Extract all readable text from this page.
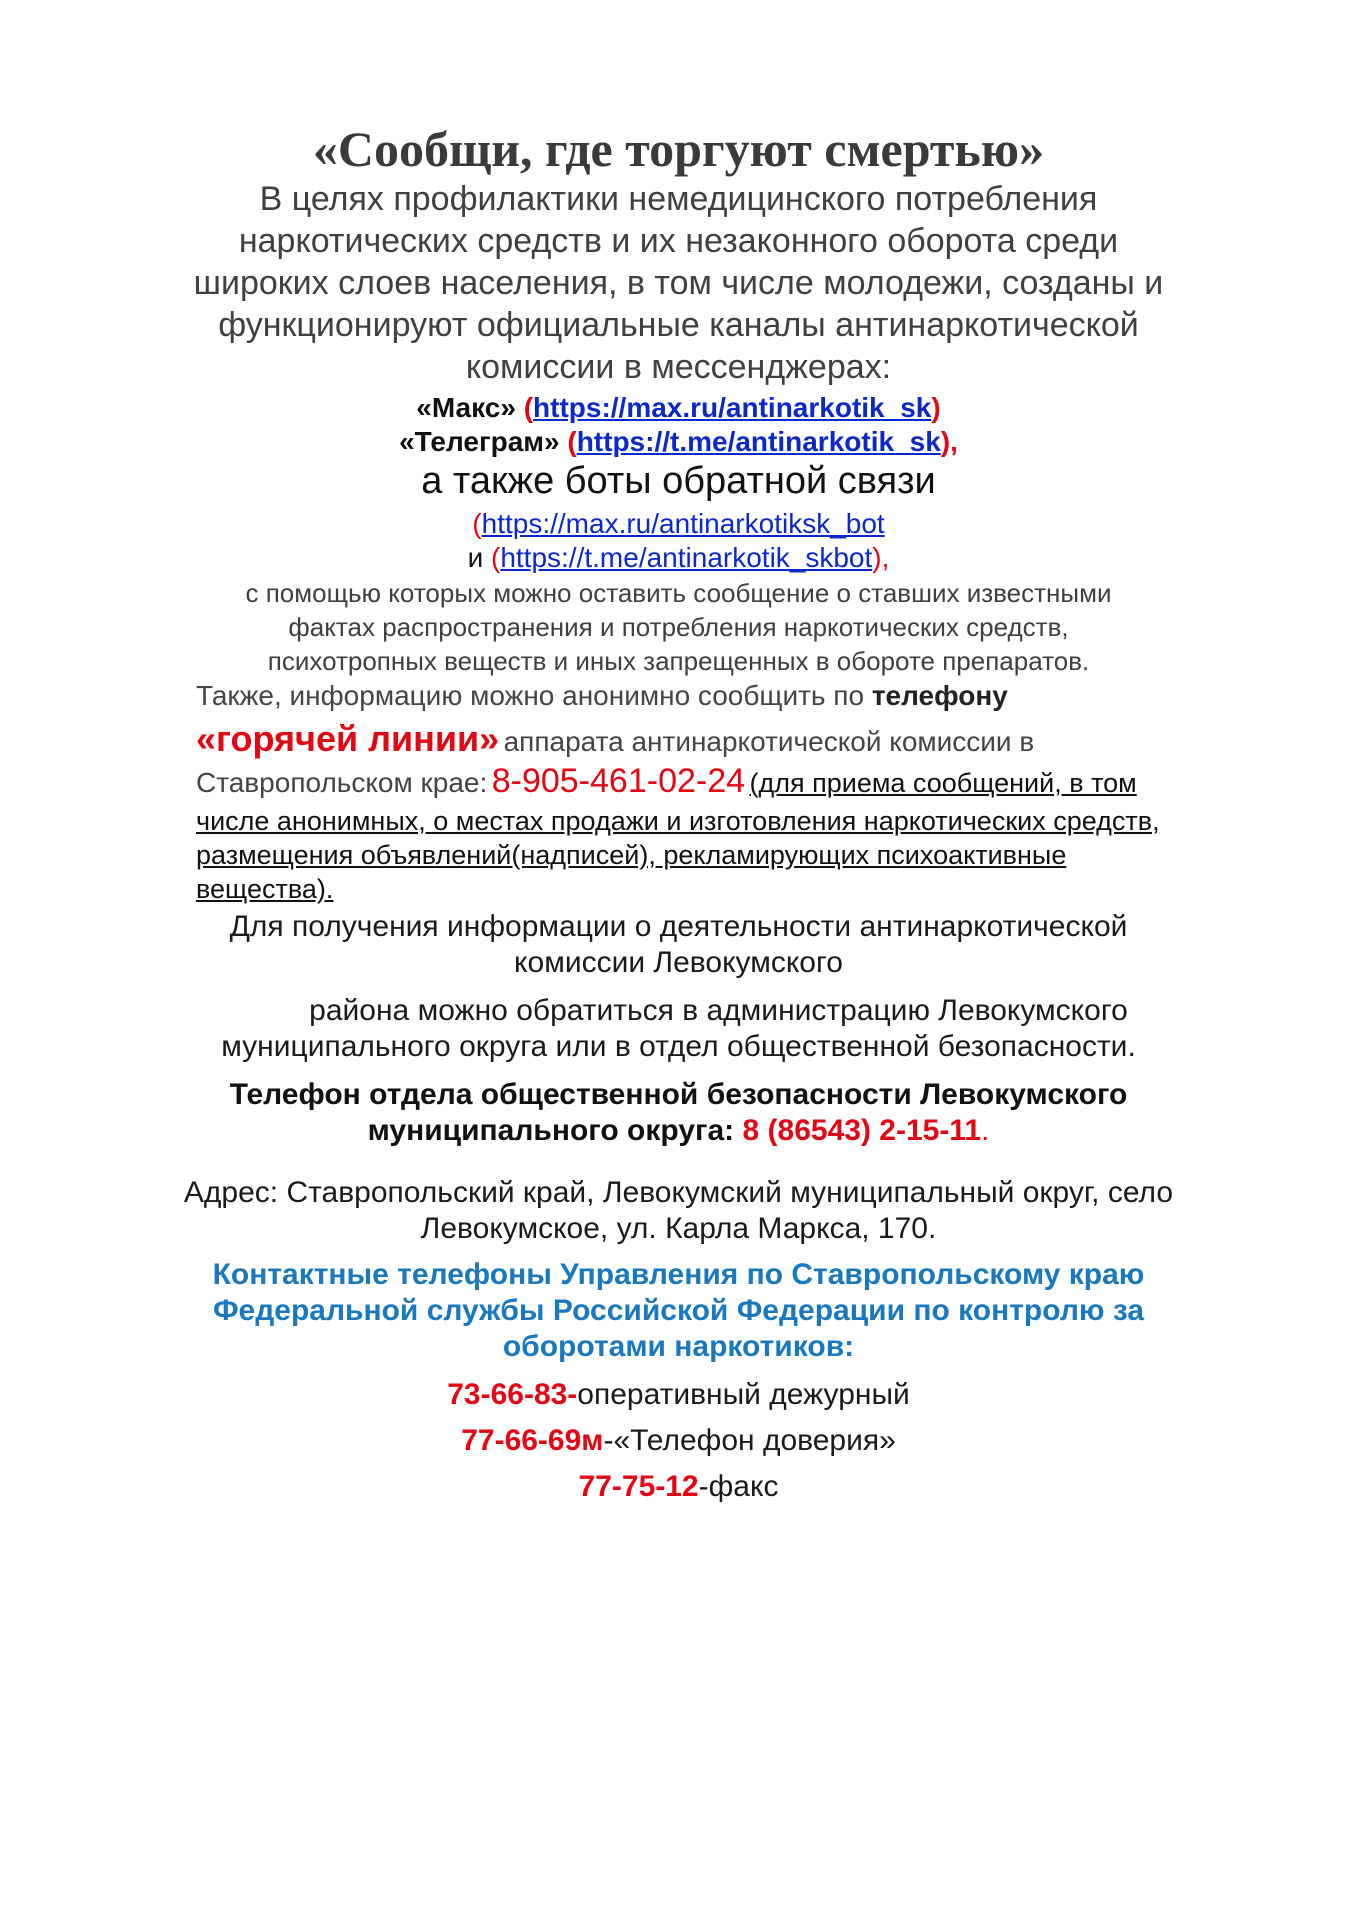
«Сообщи, где торгуют смертью»
В целях профилактики немедицинского потребления
наркотических средств и их незаконного оборота среди
широких слоев населения, в том числе молодежи, созданы и
функционируют официальные каналы антинаркотической
комиссии в мессенджерах:
«Макс» (https://max.ru/antinarkotik_sk)
«Телеграм» (https://t.me/antinarkotik_sk),
а также боты обратной связи
(https://max.ru/antinarkotiksk_bot
и (https://t.me/antinarkotik_skbot),
с помощью которых можно оставить сообщение о ставших известными
фактах распространения и потребления наркотических средств,
психотропных веществ и иных запрещенных в обороте препаратов.
Также, информацию можно анонимно сообщить по телефону
«горячей линии» аппарата антинаркотической комиссии в
Ставропольском крае: 8-905-461-02-24 (для приема сообщений, в том
числе анонимных, о местах продажи и изготовления наркотических средств,
размещения объявлений(надписей), рекламирующих психоактивные
вещества).
Для получения информации о деятельности антинаркотической
комиссии Левокумского
района можно обратиться в администрацию Левокумского
муниципального округа или в отдел общественной безопасности.
Телефон отдела общественной безопасности Левокумского
муниципального округа: 8 (86543) 2-15-11.
Адрес: Ставропольский край, Левокумский муниципальный округ, село
Левокумское, ул. Карла Маркса, 170.
Контактные телефоны Управления по Ставропольскому краю
Федеральной службы Российской Федерации по контролю за
оборотами наркотиков:
73-66-83-оперативный дежурный
77-66-69м-«Телефон доверия»
77-75-12-факс
